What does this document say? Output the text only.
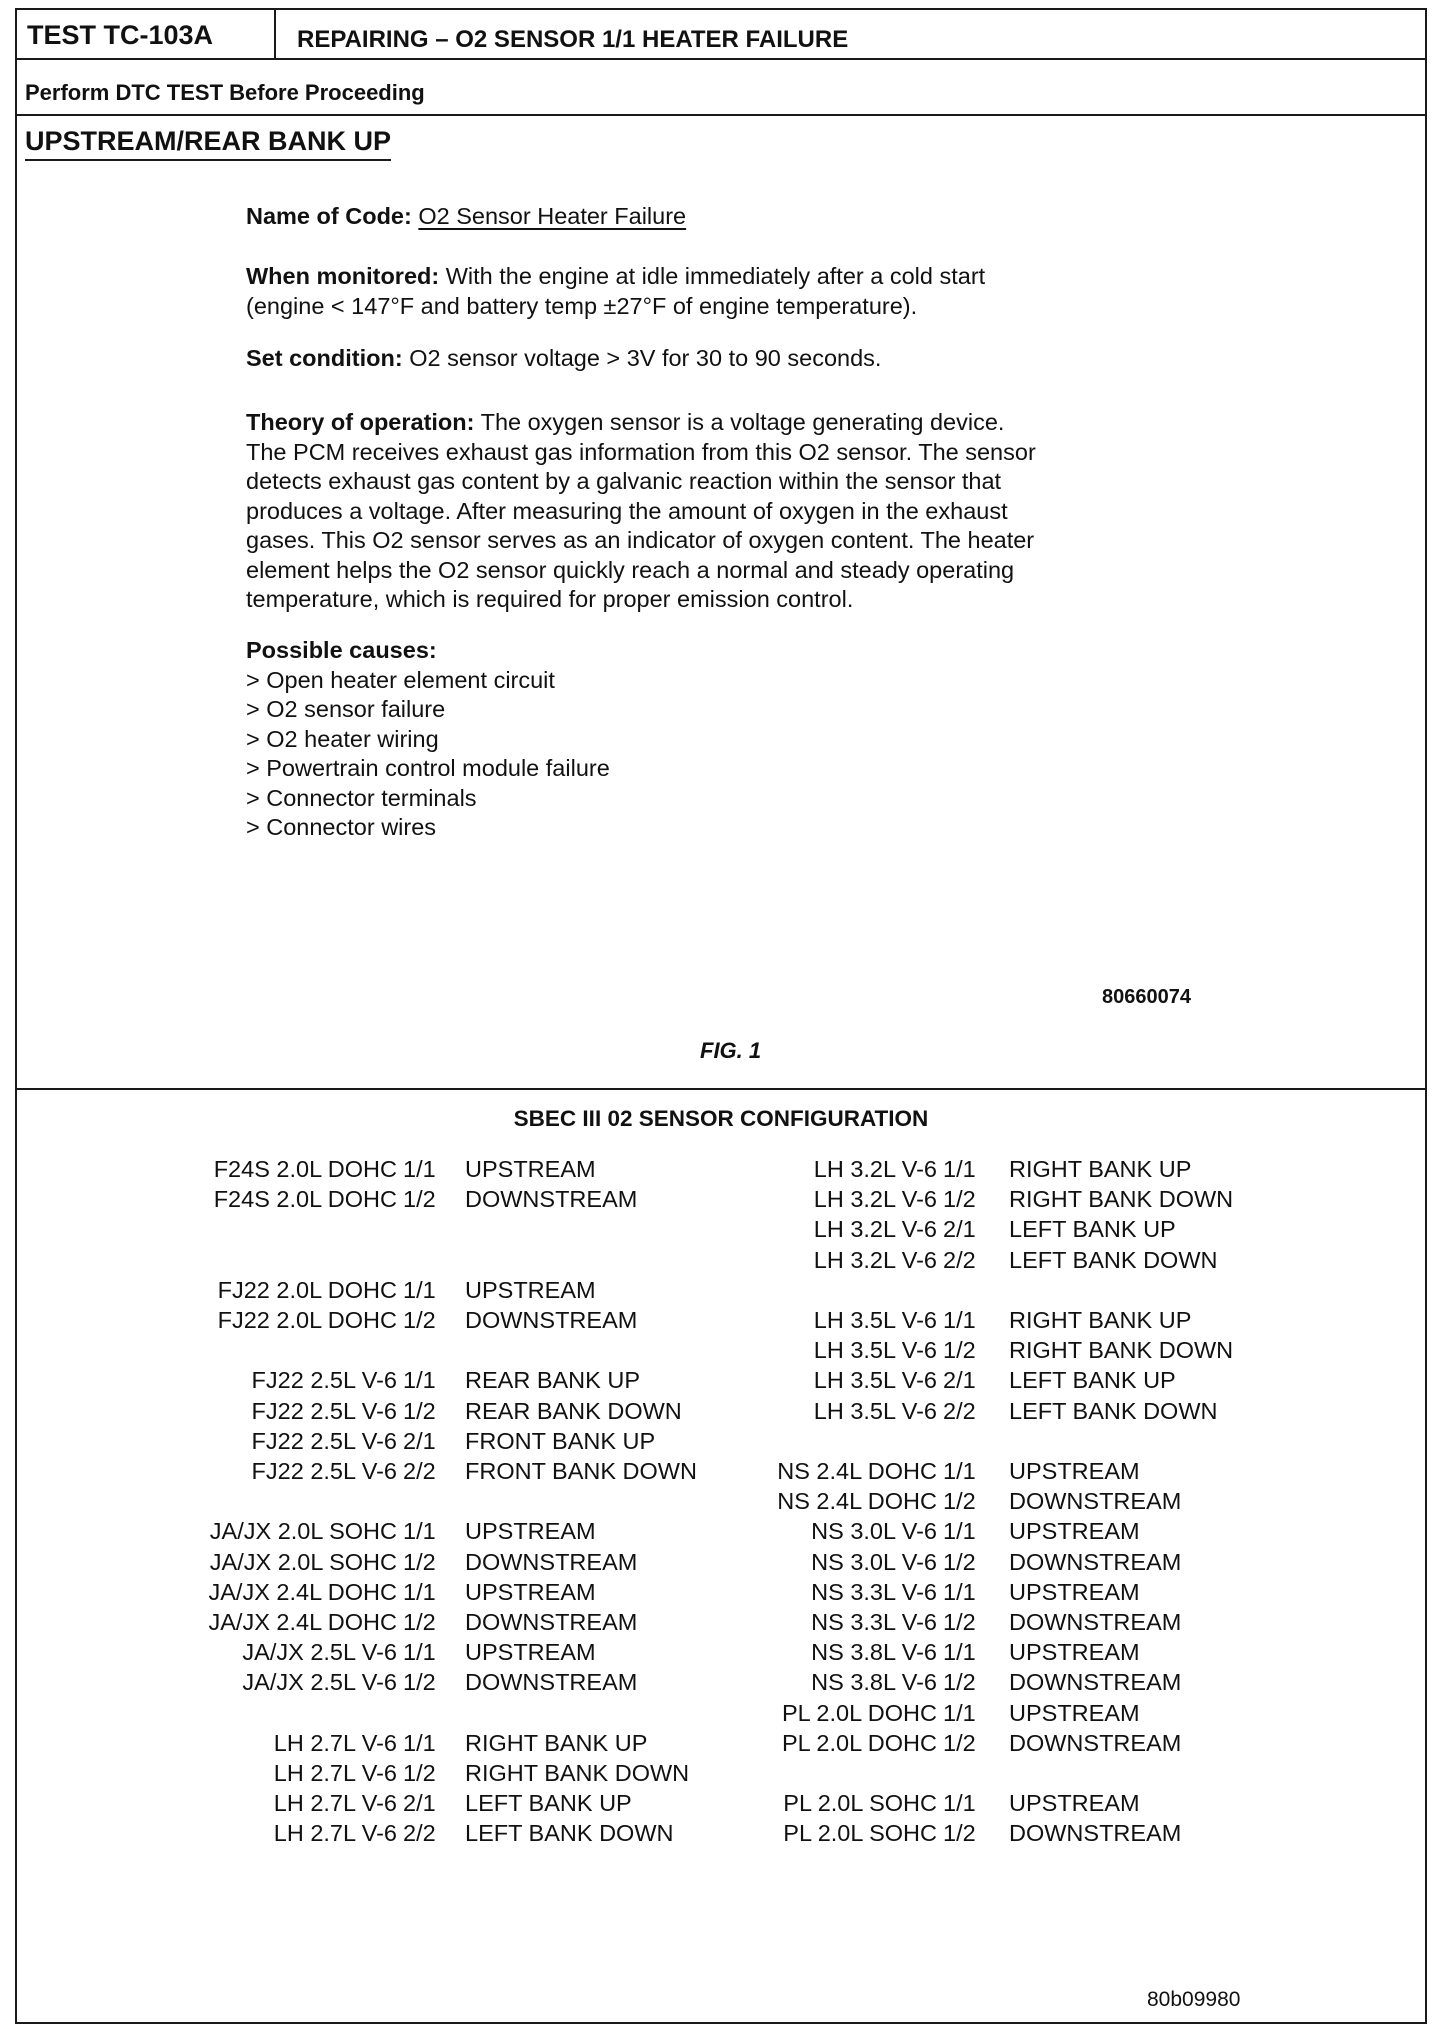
TEST TC-103A	REPAIRING – O2 SENSOR 1/1 HEATER FAILURE
Perform DTC TEST Before Proceeding
UPSTREAM/REAR BANK UP
Name of Code: O2 Sensor Heater Failure
When monitored: With the engine at idle immediately after a cold start
(engine < 147°F and battery temp ±27°F of engine temperature).
Set condition: O2 sensor voltage > 3V for 30 to 90 seconds.
Theory of operation: The oxygen sensor is a voltage generating device.
The PCM receives exhaust gas information from this O2 sensor. The sensor
detects exhaust gas content by a galvanic reaction within the sensor that
produces a voltage. After measuring the amount of oxygen in the exhaust
gases. This O2 sensor serves as an indicator of oxygen content. The heater
element helps the O2 sensor quickly reach a normal and steady operating
temperature, which is required for proper emission control.
Possible causes:
> Open heater element circuit
> O2 sensor failure
> O2 heater wiring
> Powertrain control module failure
> Connector terminals
> Connector wires
80660074
FIG. 1
SBEC III 02 SENSOR CONFIGURATION
F24S 2.0L DOHC 1/1 UPSTREAM
F24S 2.0L DOHC 1/2 DOWNSTREAM
FJ22 2.0L DOHC 1/1 UPSTREAM
FJ22 2.0L DOHC 1/2 DOWNSTREAM
FJ22 2.5L V-6 1/1 REAR BANK UP
FJ22 2.5L V-6 1/2 REAR BANK DOWN
FJ22 2.5L V-6 2/1 FRONT BANK UP
FJ22 2.5L V-6 2/2 FRONT BANK DOWN
JA/JX 2.0L SOHC 1/1 UPSTREAM
JA/JX 2.0L SOHC 1/2 DOWNSTREAM
JA/JX 2.4L DOHC 1/1 UPSTREAM
JA/JX 2.4L DOHC 1/2 DOWNSTREAM
JA/JX 2.5L V-6 1/1 UPSTREAM
JA/JX 2.5L V-6 1/2 DOWNSTREAM
LH 2.7L V-6 1/1 RIGHT BANK UP
LH 2.7L V-6 1/2 RIGHT BANK DOWN
LH 2.7L V-6 2/1 LEFT BANK UP
LH 2.7L V-6 2/2 LEFT BANK DOWN
LH 3.2L V-6 1/1 RIGHT BANK UP
LH 3.2L V-6 1/2 RIGHT BANK DOWN
LH 3.2L V-6 2/1 LEFT BANK UP
LH 3.2L V-6 2/2 LEFT BANK DOWN
LH 3.5L V-6 1/1 RIGHT BANK UP
LH 3.5L V-6 1/2 RIGHT BANK DOWN
LH 3.5L V-6 2/1 LEFT BANK UP
LH 3.5L V-6 2/2 LEFT BANK DOWN
NS 2.4L DOHC 1/1 UPSTREAM
NS 2.4L DOHC 1/2 DOWNSTREAM
NS 3.0L V-6 1/1 UPSTREAM
NS 3.0L V-6 1/2 DOWNSTREAM
NS 3.3L V-6 1/1 UPSTREAM
NS 3.3L V-6 1/2 DOWNSTREAM
NS 3.8L V-6 1/1 UPSTREAM
NS 3.8L V-6 1/2 DOWNSTREAM
PL 2.0L DOHC 1/1 UPSTREAM
PL 2.0L DOHC 1/2 DOWNSTREAM
PL 2.0L SOHC 1/1 UPSTREAM
PL 2.0L SOHC 1/2 DOWNSTREAM
80b09980
